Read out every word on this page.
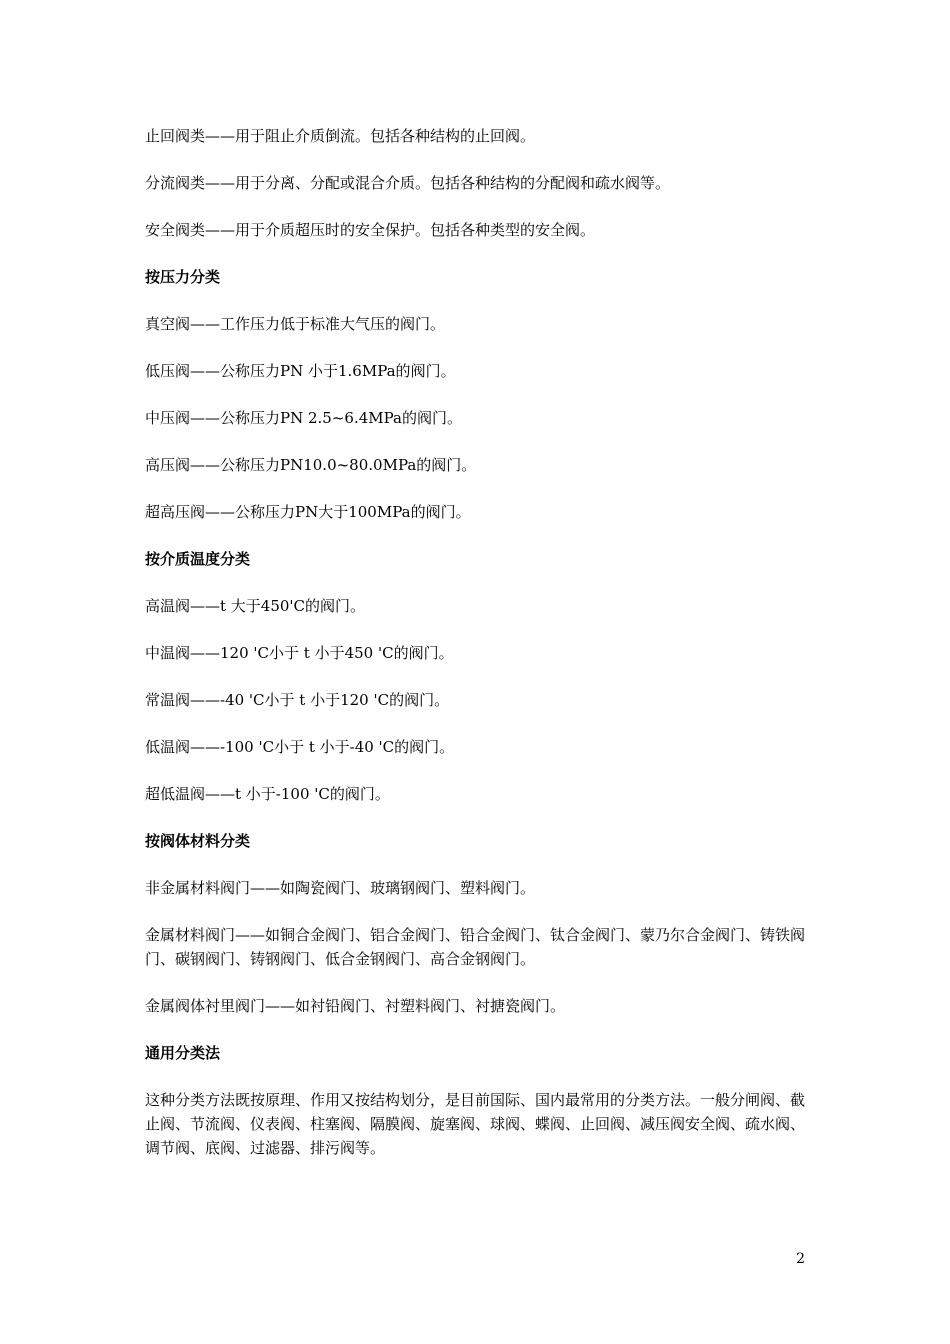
止回阀类——用于阻止介质倒流。包括各种结构的止回阀。
分流阀类——用于分离、分配或混合介质。包括各种结构的分配阀和疏水阀等。
安全阀类——用于介质超压时的安全保护。包括各种类型的安全阀。
按压力分类
真空阀——工作压力低于标准大气压的阀门。
低压阀——公称压力PN 小于1.6MPa的阀门。
中压阀——公称压力PN 2.5~6.4MPa的阀门。
高压阀——公称压力PN10.0~80.0MPa的阀门。
超高压阀——公称压力PN大于100MPa的阀门。
按介质温度分类
高温阀——t 大于450'C的阀门。
中温阀——120 'C小于 t 小于450 'C的阀门。
常温阀——-40 'C小于 t 小于120 'C的阀门。
低温阀——-100 'C小于 t 小于-40 'C的阀门。
超低温阀——t 小于-100 'C的阀门。
按阀体材料分类
非金属材料阀门——如陶瓷阀门、玻璃钢阀门、塑料阀门。
金属材料阀门——如铜合金阀门、铝合金阀门、铅合金阀门、钛合金阀门、蒙乃尔合金阀门、铸铁阀门、碳钢阀门、铸钢阀门、低合金钢阀门、高合金钢阀门。
金属阀体衬里阀门——如衬铅阀门、衬塑料阀门、衬搪瓷阀门。
通用分类法
这种分类方法既按原理、作用又按结构划分，是目前国际、国内最常用的分类方法。一般分闸阀、截止阀、节流阀、仪表阀、柱塞阀、隔膜阀、旋塞阀、球阀、蝶阀、止回阀、减压阀安全阀、疏水阀、调节阀、底阀、过滤器、排污阀等。
2
